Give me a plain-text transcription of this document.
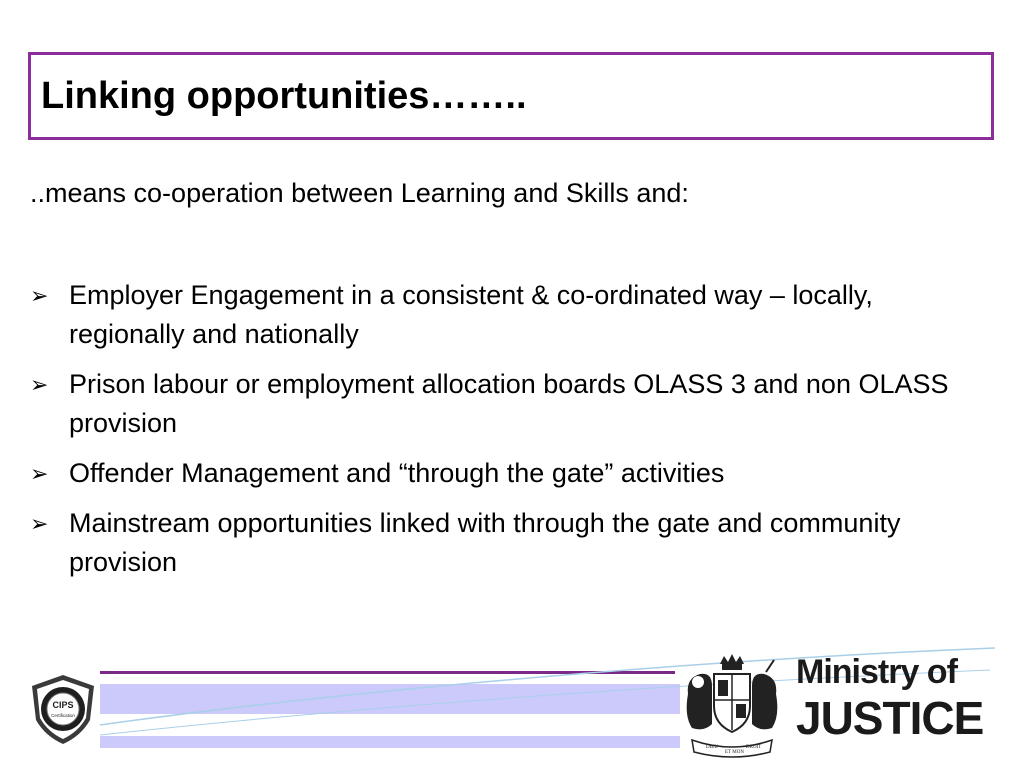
Linking opportunities……..
..means co-operation between Learning and Skills and:
➢ Employer Engagement in a consistent & co-ordinated way – locally, regionally and nationally
➢ Prison labour or employment allocation boards OLASS 3 and non OLASS provision
➢ Offender Management and “through the gate” activities
➢ Mainstream opportunities linked with through the gate and community provision
CIPS
Certification
DIEU
ET MON
DROIT
Ministry of
JUSTICE
